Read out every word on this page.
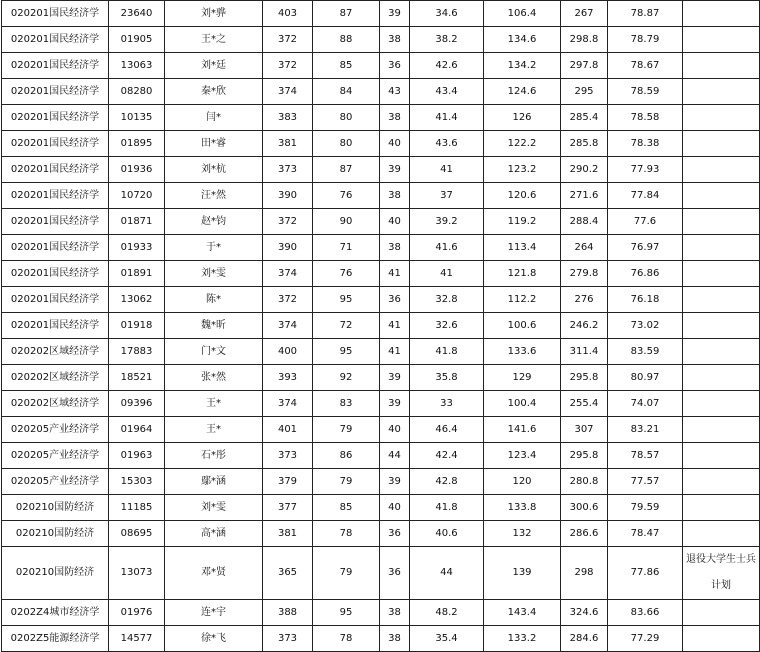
020201国民经济学	23640	刘*骅	403	87	39	34.6	106.4	267	78.87	
020201国民经济学	01905	王*之	372	88	38	38.2	134.6	298.8	78.79	
020201国民经济学	13063	刘*廷	372	85	36	42.6	134.2	297.8	78.67	
020201国民经济学	08280	秦*欣	374	84	43	43.4	124.6	295	78.59	
020201国民经济学	10135	闫*	383	80	38	41.4	126	285.4	78.58	
020201国民经济学	01895	田*睿	381	80	40	43.6	122.2	285.8	78.38	
020201国民经济学	01936	刘*杭	373	87	39	41	123.2	290.2	77.93	
020201国民经济学	10720	汪*然	390	76	38	37	120.6	271.6	77.84	
020201国民经济学	01871	赵*钧	372	90	40	39.2	119.2	288.4	77.6	
020201国民经济学	01933	于*	390	71	38	41.6	113.4	264	76.97	
020201国民经济学	01891	刘*雯	374	76	41	41	121.8	279.8	76.86	
020201国民经济学	13062	陈*	372	95	36	32.8	112.2	276	76.18	
020201国民经济学	01918	魏*昕	374	72	41	32.6	100.6	246.2	73.02	
020202区域经济学	17883	门*文	400	95	41	41.8	133.6	311.4	83.59	
020202区域经济学	18521	张*然	393	92	39	35.8	129	295.8	80.97	
020202区域经济学	09396	王*	374	83	39	33	100.4	255.4	74.07	
020205产业经济学	01964	王*	401	79	40	46.4	141.6	307	83.21	
020205产业经济学	01963	石*彤	373	86	44	42.4	123.4	295.8	78.57	
020205产业经济学	15303	鄢*涵	379	79	39	42.8	120	280.8	77.57	
020210国防经济	11185	刘*雯	377	85	40	41.8	133.8	300.6	79.59	
020210国防经济	08695	高*涵	381	78	36	40.6	132	286.6	78.47	
020210国防经济	13073	邓*贤	365	79	36	44	139	298	77.86	退役大学生士兵计划
0202Z4城市经济学	01976	连*宇	388	95	38	48.2	143.4	324.6	83.66	
0202Z5能源经济学	14577	徐*飞	373	78	38	35.4	133.2	284.6	77.29	
